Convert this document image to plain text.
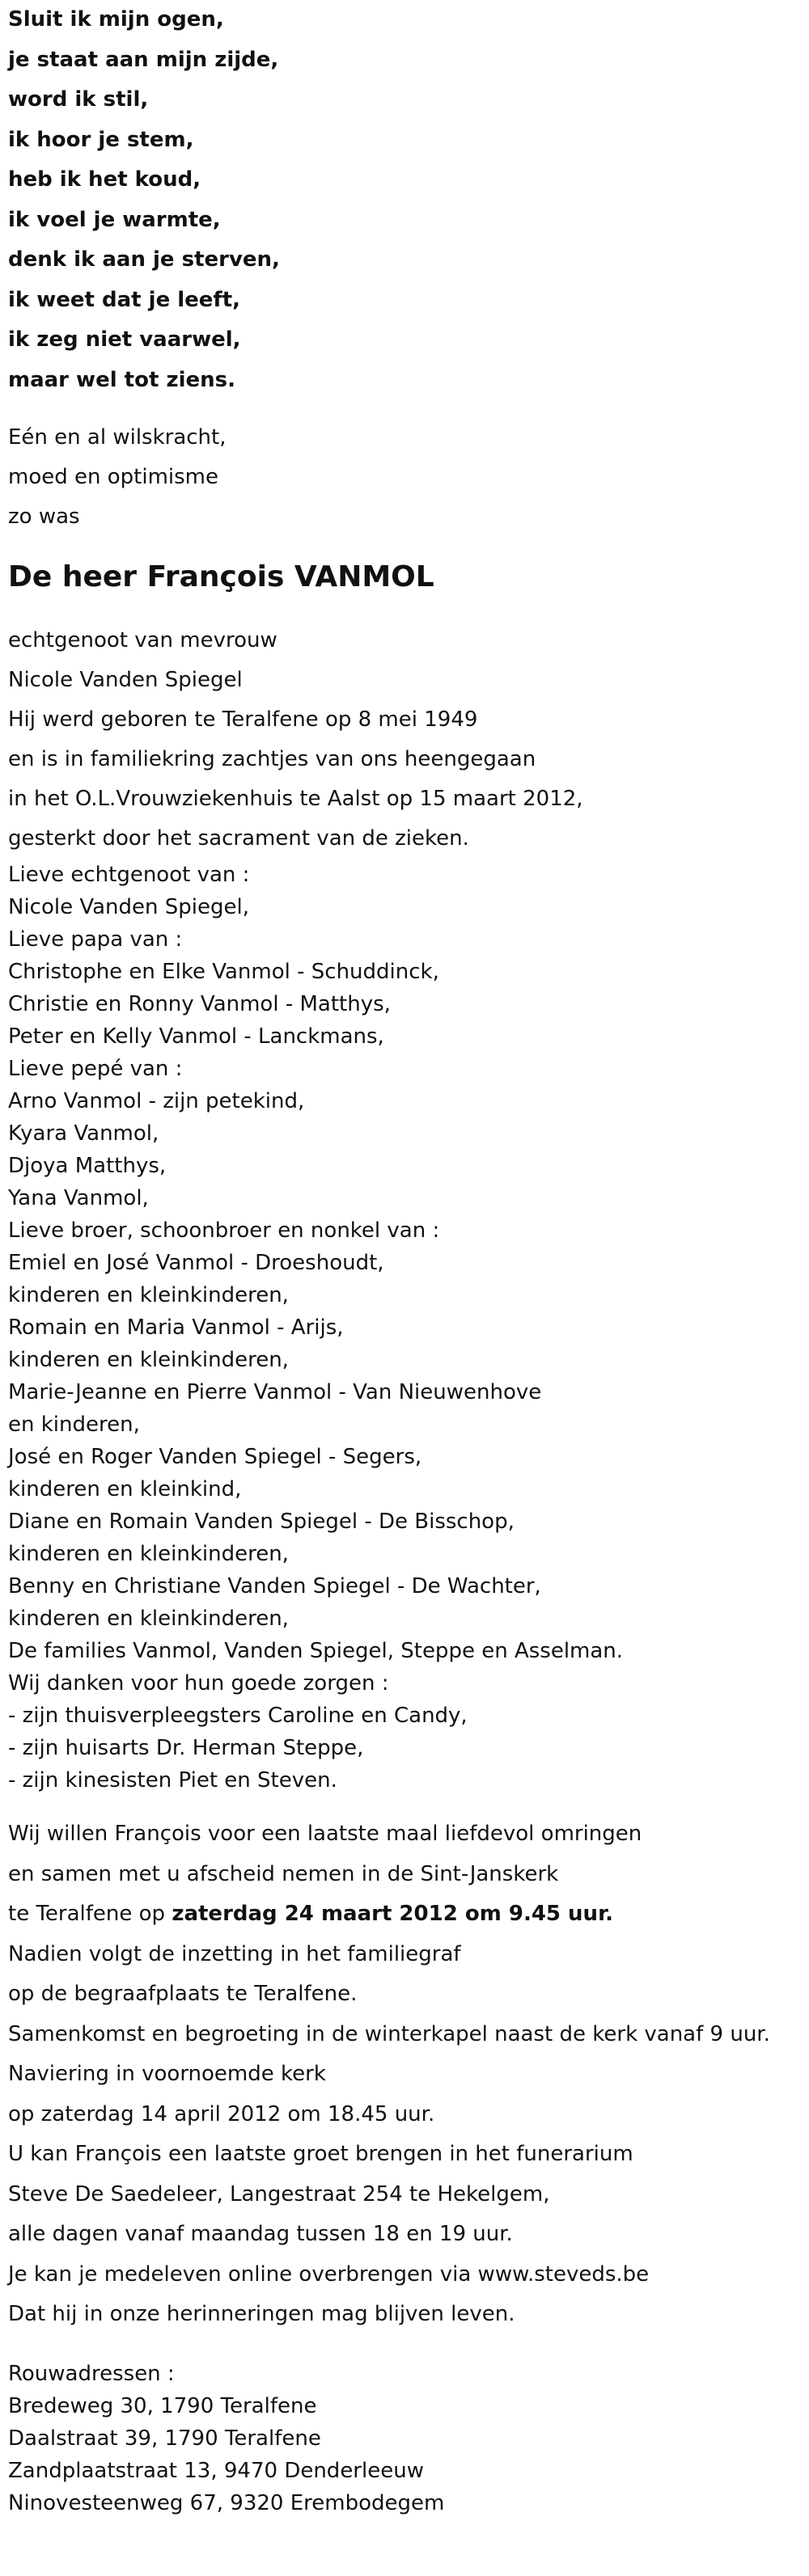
Sluit ik mijn ogen,
je staat aan mijn zijde,
word ik stil,
ik hoor je stem,
heb ik het koud,
ik voel je warmte,
denk ik aan je sterven,
ik weet dat je leeft,
ik zeg niet vaarwel,
maar wel tot ziens.
Eén en al wilskracht,
moed en optimisme
zo was
De heer François VANMOL
echtgenoot van mevrouw
Nicole Vanden Spiegel
Hij werd geboren te Teralfene op 8 mei 1949
en is in familiekring zachtjes van ons heengegaan
in het O.L.Vrouwziekenhuis te Aalst op 15 maart 2012,
gesterkt door het sacrament van de zieken.
Lieve echtgenoot van :
Nicole Vanden Spiegel,
Lieve papa van :
Christophe en Elke Vanmol - Schuddinck,
Christie en Ronny Vanmol - Matthys,
Peter en Kelly Vanmol - Lanckmans,
Lieve pepé van :
Arno Vanmol - zijn petekind,
Kyara Vanmol,
Djoya Matthys,
Yana Vanmol,
Lieve broer, schoonbroer en nonkel van :
Emiel en José Vanmol - Droeshoudt,
kinderen en kleinkinderen,
Romain en Maria Vanmol - Arijs,
kinderen en kleinkinderen,
Marie-Jeanne en Pierre Vanmol - Van Nieuwenhove
en kinderen,
José en Roger Vanden Spiegel - Segers,
kinderen en kleinkind,
Diane en Romain Vanden Spiegel - De Bisschop,
kinderen en kleinkinderen,
Benny en Christiane Vanden Spiegel - De Wachter,
kinderen en kleinkinderen,
De families Vanmol, Vanden Spiegel, Steppe en Asselman.
Wij danken voor hun goede zorgen :
- zijn thuisverpleegsters Caroline en Candy,
- zijn huisarts Dr. Herman Steppe,
- zijn kinesisten Piet en Steven.
Wij willen François voor een laatste maal liefdevol omringen
en samen met u afscheid nemen in de Sint-Janskerk
te Teralfene op zaterdag 24 maart 2012 om 9.45 uur.
Nadien volgt de inzetting in het familiegraf
op de begraafplaats te Teralfene.
Samenkomst en begroeting in de winterkapel naast de kerk vanaf 9 uur.
Naviering in voornoemde kerk
op zaterdag 14 april 2012 om 18.45 uur.
U kan François een laatste groet brengen in het funerarium
Steve De Saedeleer, Langestraat 254 te Hekelgem,
alle dagen vanaf maandag tussen 18 en 19 uur.
Je kan je medeleven online overbrengen via www.steveds.be
Dat hij in onze herinneringen mag blijven leven.
Rouwadressen :
Bredeweg 30, 1790 Teralfene
Daalstraat 39, 1790 Teralfene
Zandplaatstraat 13, 9470 Denderleeuw
Ninovesteenweg 67, 9320 Erembodegem
